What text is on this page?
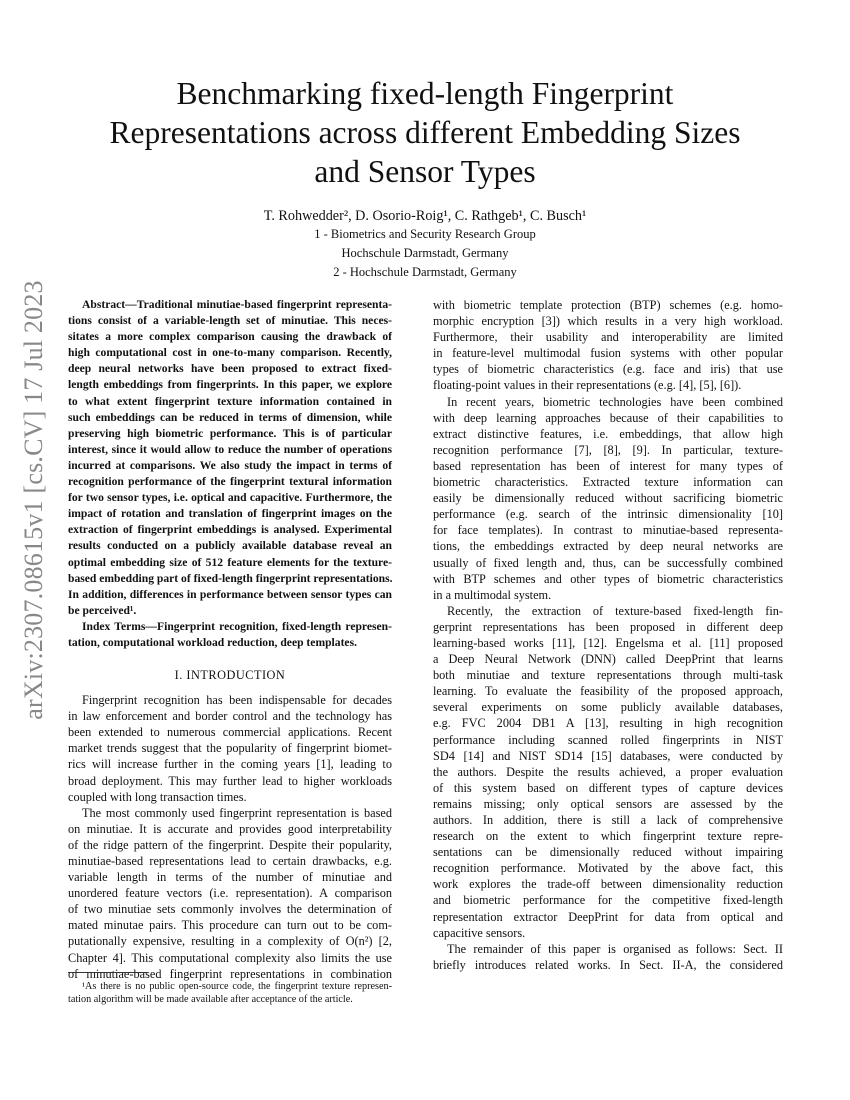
arXiv:2307.08615v1 [cs.CV] 17 Jul 2023
Benchmarking fixed-length Fingerprint
Representations across different Embedding Sizes
and Sensor Types
T. Rohwedder², D. Osorio-Roig¹, C. Rathgeb¹, C. Busch¹
1 - Biometrics and Security Research Group
Hochschule Darmstadt, Germany
2 - Hochschule Darmstadt, Germany
Abstract—Traditional minutiae-based fingerprint representa-
tions consist of a variable-length set of minutiae. This neces-
sitates a more complex comparison causing the drawback of
high computational cost in one-to-many comparison. Recently,
deep neural networks have been proposed to extract fixed-
length embeddings from fingerprints. In this paper, we explore
to what extent fingerprint texture information contained in
such embeddings can be reduced in terms of dimension, while
preserving high biometric performance. This is of particular
interest, since it would allow to reduce the number of operations
incurred at comparisons. We also study the impact in terms of
recognition performance of the fingerprint textural information
for two sensor types, i.e. optical and capacitive. Furthermore, the
impact of rotation and translation of fingerprint images on the
extraction of fingerprint embeddings is analysed. Experimental
results conducted on a publicly available database reveal an
optimal embedding size of 512 feature elements for the texture-
based embedding part of fixed-length fingerprint representations.
In addition, differences in performance between sensor types can
be perceived¹.
Index Terms—Fingerprint recognition, fixed-length represen-
tation, computational workload reduction, deep templates.
I. INTRODUCTION
Fingerprint recognition has been indispensable for decades
in law enforcement and border control and the technology has
been extended to numerous commercial applications. Recent
market trends suggest that the popularity of fingerprint biomet-
rics will increase further in the coming years [1], leading to
broad deployment. This may further lead to higher workloads
coupled with long transaction times.
The most commonly used fingerprint representation is based
on minutiae. It is accurate and provides good interpretability
of the ridge pattern of the fingerprint. Despite their popularity,
minutiae-based representations lead to certain drawbacks, e.g.
variable length in terms of the number of minutiae and
unordered feature vectors (i.e. representation). A comparison
of two minutiae sets commonly involves the determination of
mated minutae pairs. This procedure can turn out to be com-
putationally expensive, resulting in a complexity of O(n²) [2,
Chapter 4]. This computational complexity also limits the use
of minutiae-based fingerprint representations in combination
¹As there is no public open-source code, the fingerprint texture represen-
tation algorithm will be made available after acceptance of the article.
with biometric template protection (BTP) schemes (e.g. homo-
morphic encryption [3]) which results in a very high workload.
Furthermore, their usability and interoperability are limited
in feature-level multimodal fusion systems with other popular
types of biometric characteristics (e.g. face and iris) that use
floating-point values in their representations (e.g. [4], [5], [6]).
In recent years, biometric technologies have been combined
with deep learning approaches because of their capabilities to
extract distinctive features, i.e. embeddings, that allow high
recognition performance [7], [8], [9]. In particular, texture-
based representation has been of interest for many types of
biometric characteristics. Extracted texture information can
easily be dimensionally reduced without sacrificing biometric
performance (e.g. search of the intrinsic dimensionality [10]
for face templates). In contrast to minutiae-based representa-
tions, the embeddings extracted by deep neural networks are
usually of fixed length and, thus, can be successfully combined
with BTP schemes and other types of biometric characteristics
in a multimodal system.
Recently, the extraction of texture-based fixed-length fin-
gerprint representations has been proposed in different deep
learning-based works [11], [12]. Engelsma et al. [11] proposed
a Deep Neural Network (DNN) called DeepPrint that learns
both minutiae and texture representations through multi-task
learning. To evaluate the feasibility of the proposed approach,
several experiments on some publicly available databases,
e.g. FVC 2004 DB1 A [13], resulting in high recognition
performance including scanned rolled fingerprints in NIST
SD4 [14] and NIST SD14 [15] databases, were conducted by
the authors. Despite the results achieved, a proper evaluation
of this system based on different types of capture devices
remains missing; only optical sensors are assessed by the
authors. In addition, there is still a lack of comprehensive
research on the extent to which fingerprint texture repre-
sentations can be dimensionally reduced without impairing
recognition performance. Motivated by the above fact, this
work explores the trade-off between dimensionality reduction
and biometric performance for the competitive fixed-length
representation extractor DeepPrint for data from optical and
capacitive sensors.
The remainder of this paper is organised as follows: Sect. II
briefly introduces related works. In Sect. II-A, the considered
